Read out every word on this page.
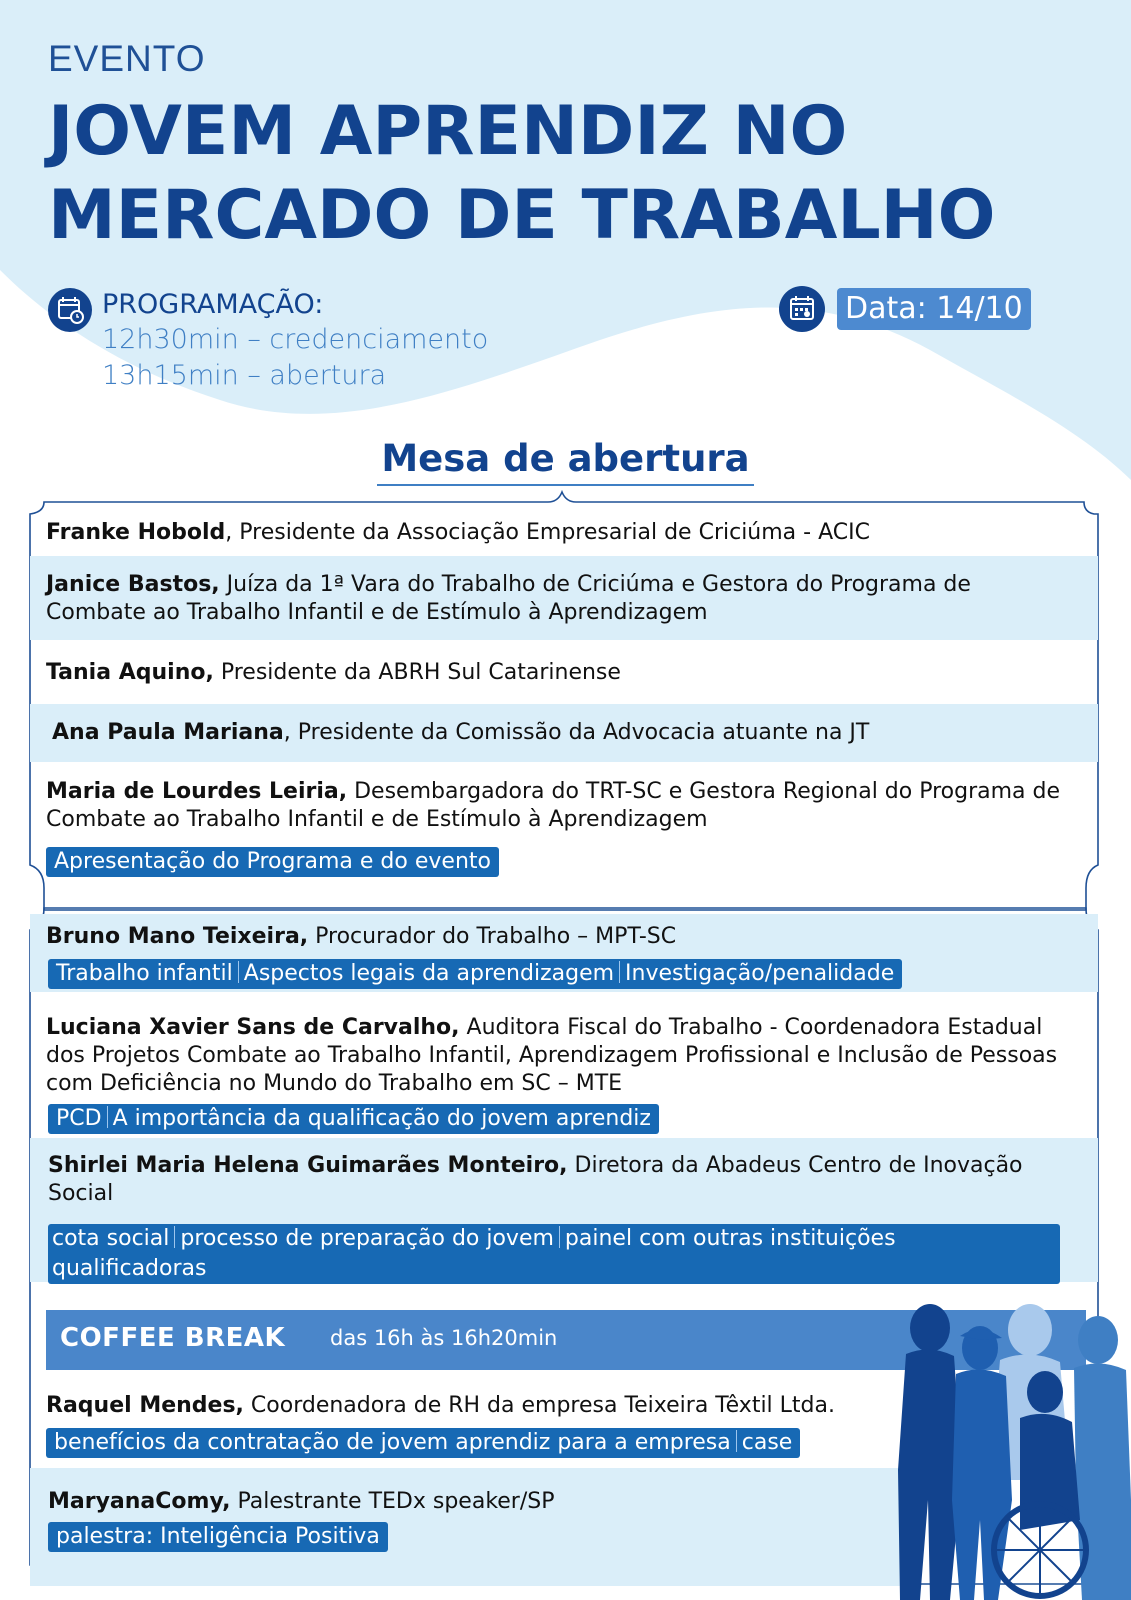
EVENTO
JOVEM APRENDIZ NO
MERCADO DE TRABALHO
PROGRAMAÇÃO:
12h30min – credenciamento
13h15min – abertura
Data: 14/10
Mesa de abertura
Franke Hobold, Presidente da Associação Empresarial de Criciúma - ACIC
Janice Bastos, Juíza da 1ª Vara do Trabalho de Criciúma e Gestora do Programa de Combate ao Trabalho Infantil e de Estímulo à Aprendizagem
Tania Aquino, Presidente da ABRH Sul Catarinense
Ana Paula Mariana, Presidente da Comissão da Advocacia atuante na JT
Maria de Lourdes Leiria, Desembargadora do TRT-SC e Gestora Regional do Programa de Combate ao Trabalho Infantil e de Estímulo à Aprendizagem
Apresentação do Programa e do evento
Bruno Mano Teixeira, Procurador do Trabalho – MPT-SC
Trabalho infantil Aspectos legais da aprendizagem Investigação/penalidade
Luciana Xavier Sans de Carvalho, Auditora Fiscal do Trabalho - Coordenadora Estadual dos Projetos Combate ao Trabalho Infantil, Aprendizagem Profissional e Inclusão de Pessoas com Deficiência no Mundo do Trabalho em SC – MTE
PCD A importância da qualificação do jovem aprendiz
Shirlei Maria Helena Guimarães Monteiro, Diretora da Abadeus Centro de Inovação Social
cota social processo de preparação do jovem painel com outras instituições qualificadoras
COFFEE BREAK das 16h às 16h20min
Raquel Mendes, Coordenadora de RH da empresa Teixeira Têxtil Ltda.
benefícios da contratação de jovem aprendiz para a empresa case
MaryanaComy, Palestrante TEDx speaker/SP
palestra: Inteligência Positiva
